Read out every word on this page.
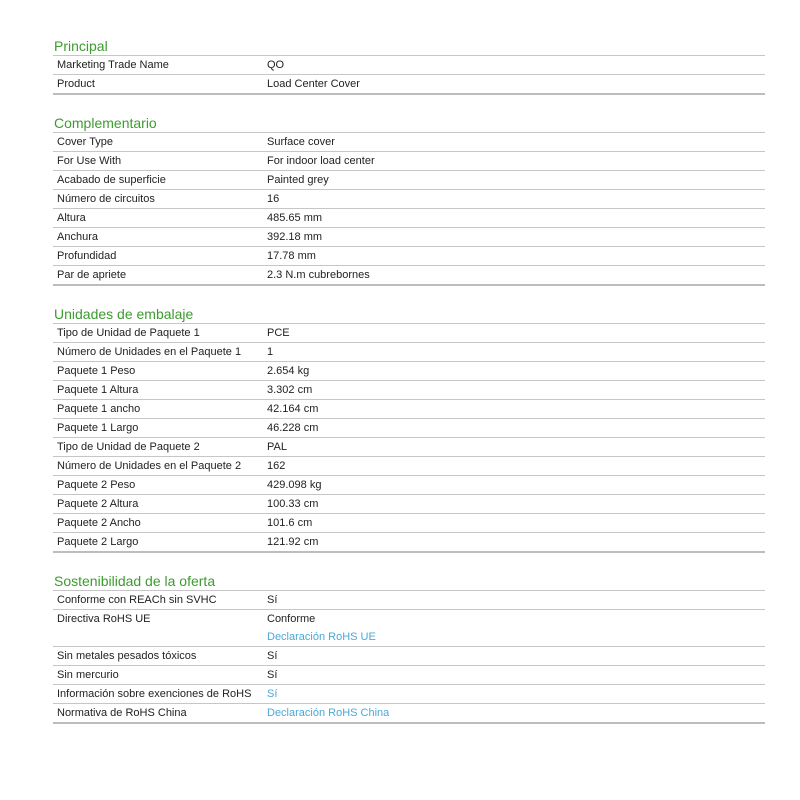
Principal
Marketing Trade Name	QO
Product	Load Center Cover
Complementario
Cover Type	Surface cover
For Use With	For indoor load center
Acabado de superficie	Painted grey
Número de circuitos	16
Altura	485.65 mm
Anchura	392.18 mm
Profundidad	17.78 mm
Par de apriete	2.3 N.m cubrebornes
Unidades de embalaje
Tipo de Unidad de Paquete 1	PCE
Número de Unidades en el Paquete 1	1
Paquete 1 Peso	2.654 kg
Paquete 1 Altura	3.302 cm
Paquete 1 ancho	42.164 cm
Paquete 1 Largo	46.228 cm
Tipo de Unidad de Paquete 2	PAL
Número de Unidades en el Paquete 2	162
Paquete 2 Peso	429.098 kg
Paquete 2 Altura	100.33 cm
Paquete 2 Ancho	101.6 cm
Paquete 2 Largo	121.92 cm
Sostenibilidad de la oferta
Conforme con REACh sin SVHC	Sí
Directiva RoHS UE	Conforme
Declaración RoHS UE
Sin metales pesados tóxicos	Sí
Sin mercurio	Sí
Información sobre exenciones de RoHS	Sí
Normativa de RoHS China	Declaración RoHS China
